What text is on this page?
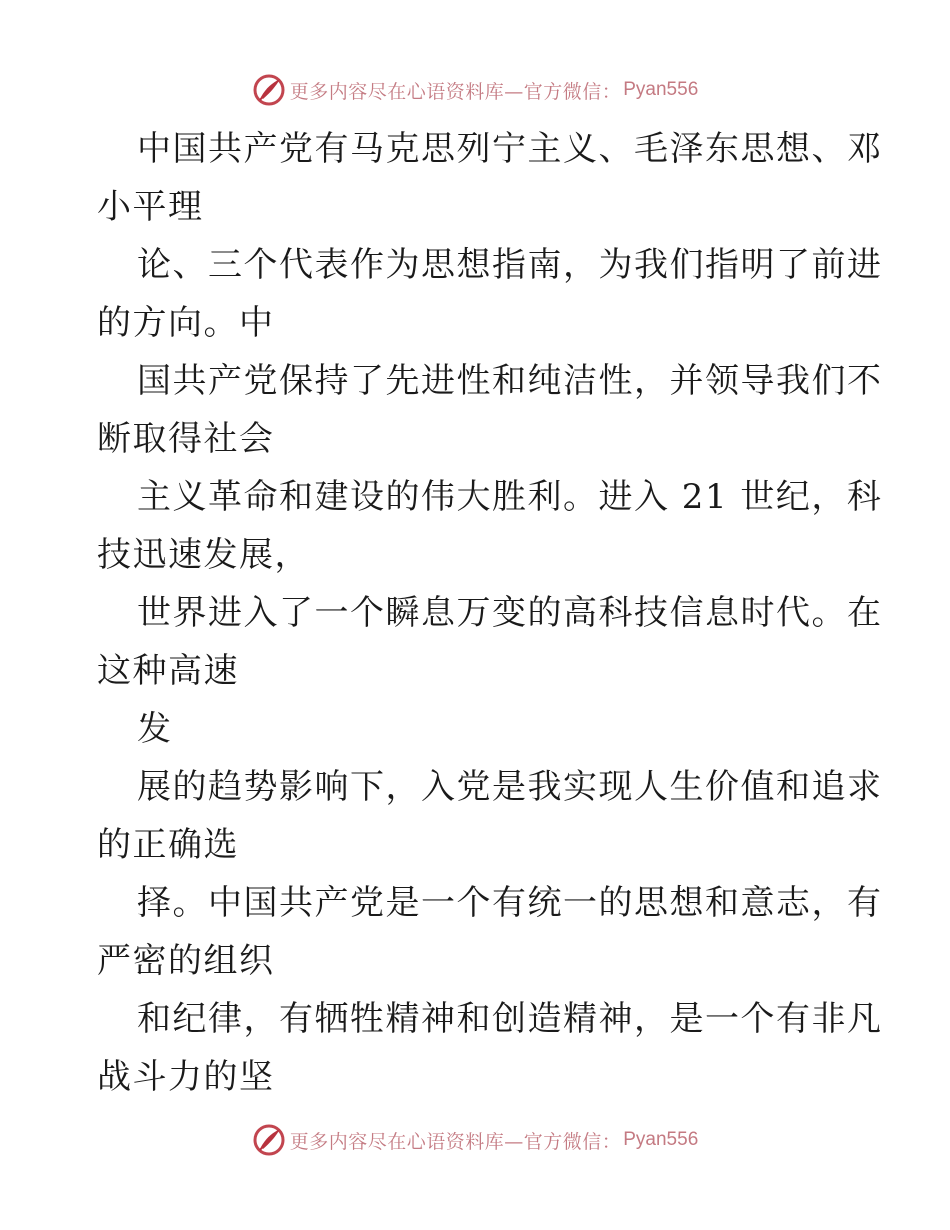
更多内容尽在心语资料库—官方微信： Pyan556
中国共产党有马克思列宁主义、毛泽东思想、邓
小平理
论、三个代表作为思想指南，为我们指明了前进
的方向。中
国共产党保持了先进性和纯洁性，并领导我们不
断取得社会
主义革命和建设的伟大胜利。进入 21 世纪，科
技迅速发展，
世界进入了一个瞬息万变的高科技信息时代。在
这种高速
发
展的趋势影响下，入党是我实现人生价值和追求
的正确选
择。中国共产党是一个有统一的思想和意志，有
严密的组织
和纪律，有牺牲精神和创造精神，是一个有非凡
战斗力的坚
更多内容尽在心语资料库—官方微信： Pyan556
